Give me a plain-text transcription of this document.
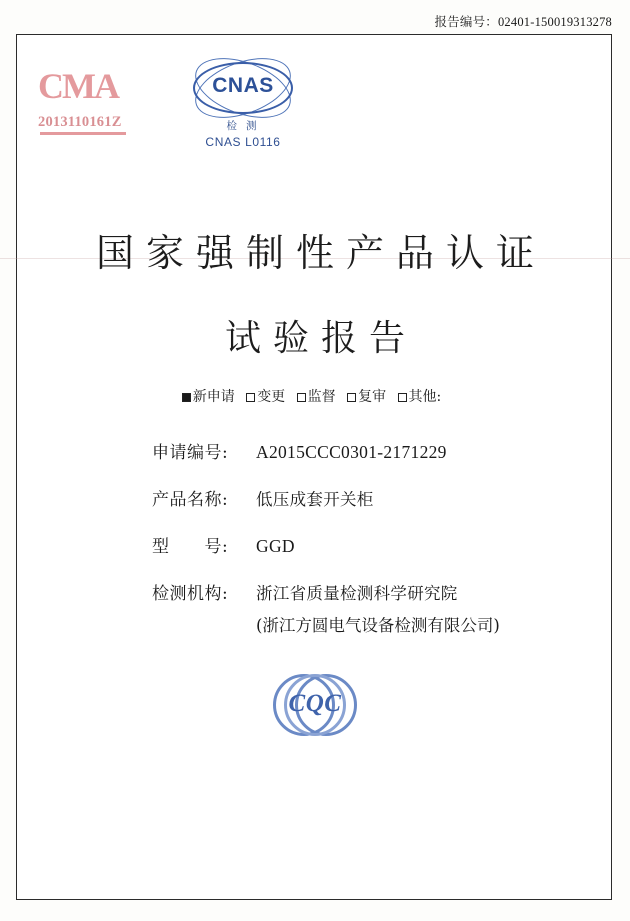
报告编号：02401-150019313278
CMA
2013110161Z
CNAS
检 测
CNAS L0116
国家强制性产品认证
试验报告
新申请 变更 监督 复审 其他:
申请编号:	A2015CCC0301-2171229
产品名称:	低压成套开关柜
型　　号:	GGD
检测机构:	浙江省质量检测科学研究院
(浙江方圆电气设备检测有限公司)
CQC
